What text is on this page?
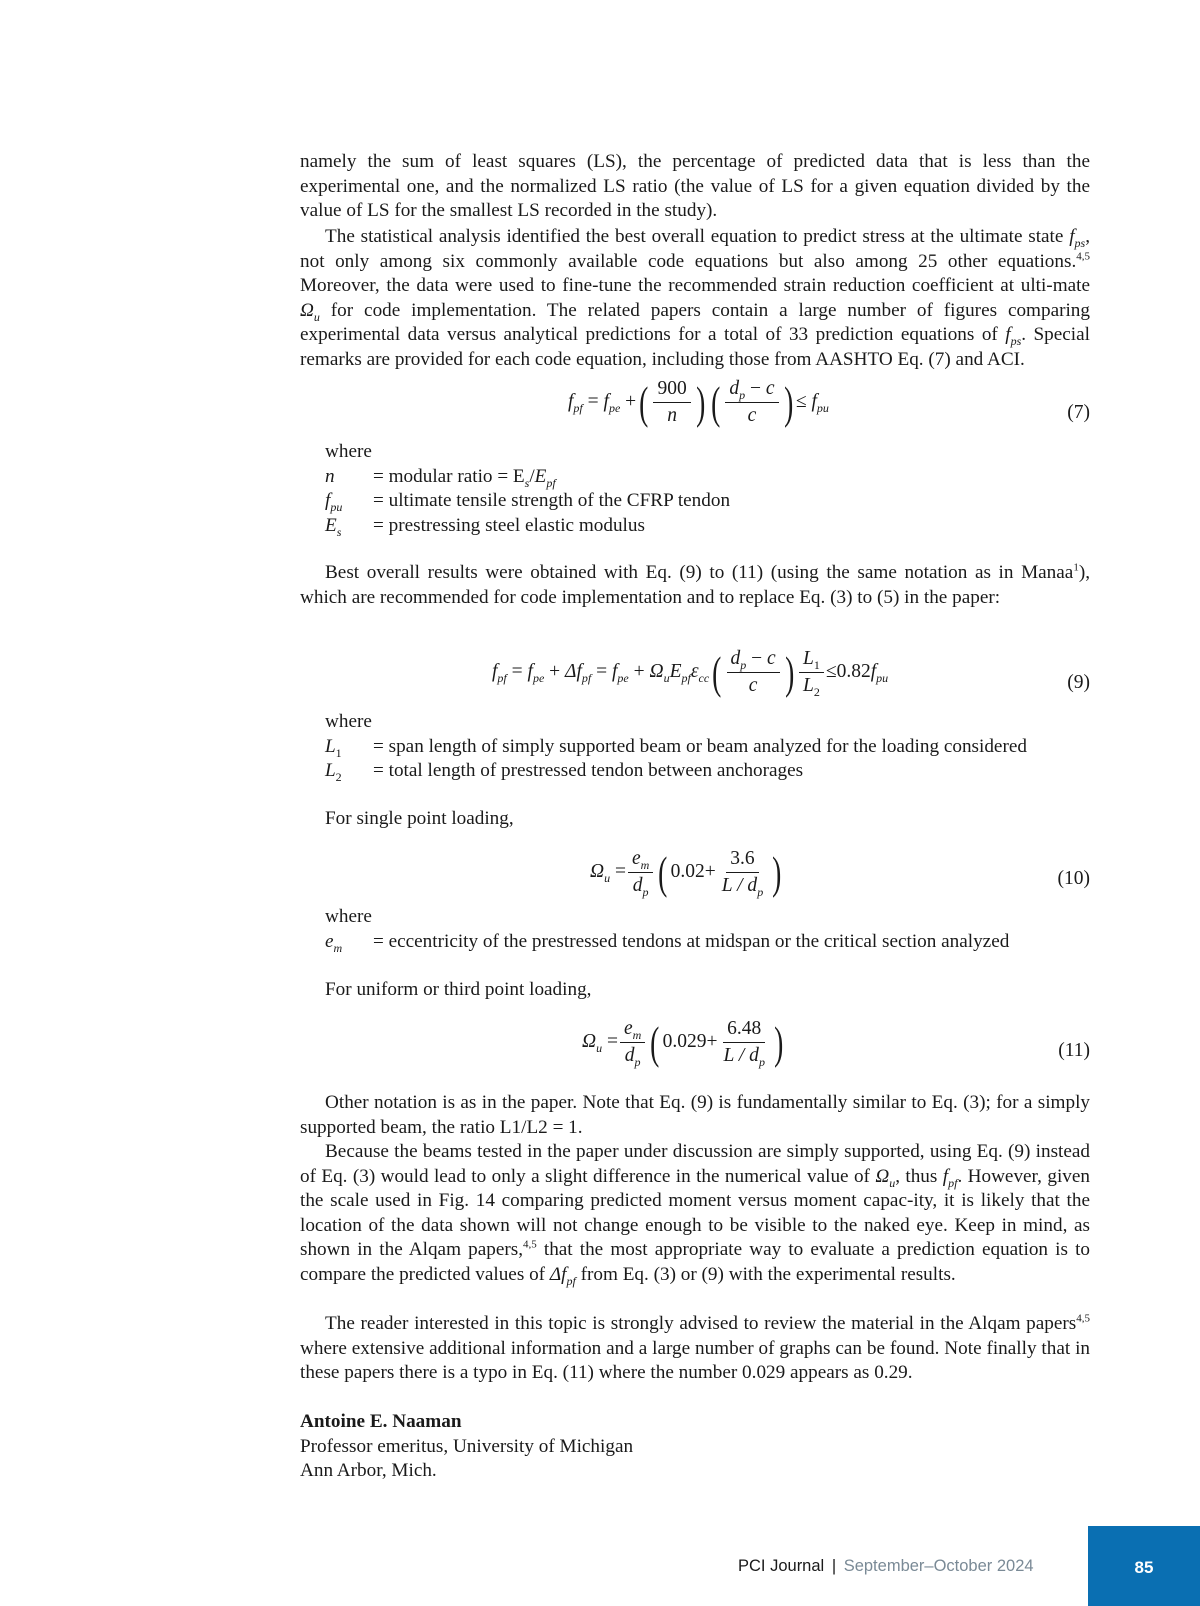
namely the sum of least squares (LS), the percentage of predicted data that is less than the experimental one, and the normalized LS ratio (the value of LS for a given equation divided by the value of LS for the smallest LS recorded in the study).
The statistical analysis identified the best overall equation to predict stress at the ultimate state $f_{ps}$, not only among six commonly available code equations but also among 25 other equations.$^{4,5}$ Moreover, the data were used to fine-tune the recommended strain reduction coefficient at ulti-mate $\Omega_u$ for code implementation. The related papers contain a large number of figures comparing experimental data versus analytical predictions for a total of 33 prediction equations of $f_{ps}$. Special remarks are provided for each code equation, including those from AASHTO Eq. (7) and ACI.
$f_{pf} = f_{pe}$ +( $\frac{900}{n}$ ) ( $\frac{d_p - c}{c}$ ) ≤ $f_{pu}$	(7)
where
n	= modular ratio = $E_s/E_{pf}$
$f_{pu}$	= ultimate tensile strength of the CFRP tendon
$E_s$	= prestressing steel elastic modulus
Best overall results were obtained with Eq. (9) to (11) (using the same notation as in Manaa$^1$), which are recommended for code implementation and to replace Eq. (3) to (5) in the paper:
$f_{pf} = f_{pe} + \Delta f_{pf} = f_{pe} + \Omega_uE_{pf}\varepsilon_{cc}( \frac{d_p - c}{c}$ ) $\frac{L_1}{L_2} \le 0.82f_{pu}$	(9)
where
$L_1$	= span length of simply supported beam or beam analyzed for the loading considered
$L_2$	= total length of prestressed tendon between anchorages
For single point loading,
$\Omega_u = \frac{e_m}{d_p}$ ( $0.02+ \frac{3.6}{L / d_p}$ )	(10)
where
$e_m$	= eccentricity of the prestressed tendons at midspan or the critical section analyzed
For uniform or third point loading,
$\Omega_u = \frac{e_m}{d_p}$ ( $0.029+ \frac{6.48}{L / d_p}$ )	(11)
Other notation is as in the paper. Note that Eq. (9) is fundamentally similar to Eq. (3); for a simply supported beam, the ratio L1/L2 = 1.
Because the beams tested in the paper under discussion are simply supported, using Eq. (9) instead of Eq. (3) would lead to only a slight difference in the numerical value of $\Omega_u$, thus $f_{pf}$. However, given the scale used in Fig. 14 comparing predicted moment versus moment capac-ity, it is likely that the location of the data shown will not change enough to be visible to the naked eye. Keep in mind, as shown in the Alqam papers,$^{4,5}$ that the most appropriate way to evaluate a prediction equation is to compare the predicted values of $\Delta f_{pf}$ from Eq. (3) or (9) with the experimental results.
The reader interested in this topic is strongly advised to review the material in the Alqam papers$^{4,5}$ where extensive additional information and a large number of graphs can be found. Note finally that in these papers there is a typo in Eq. (11) where the number 0.029 appears as 0.29.
Antoine E. Naaman
Professor emeritus, University of Michigan
Ann Arbor, Mich.
PCI Journal | September–October 2024	85
